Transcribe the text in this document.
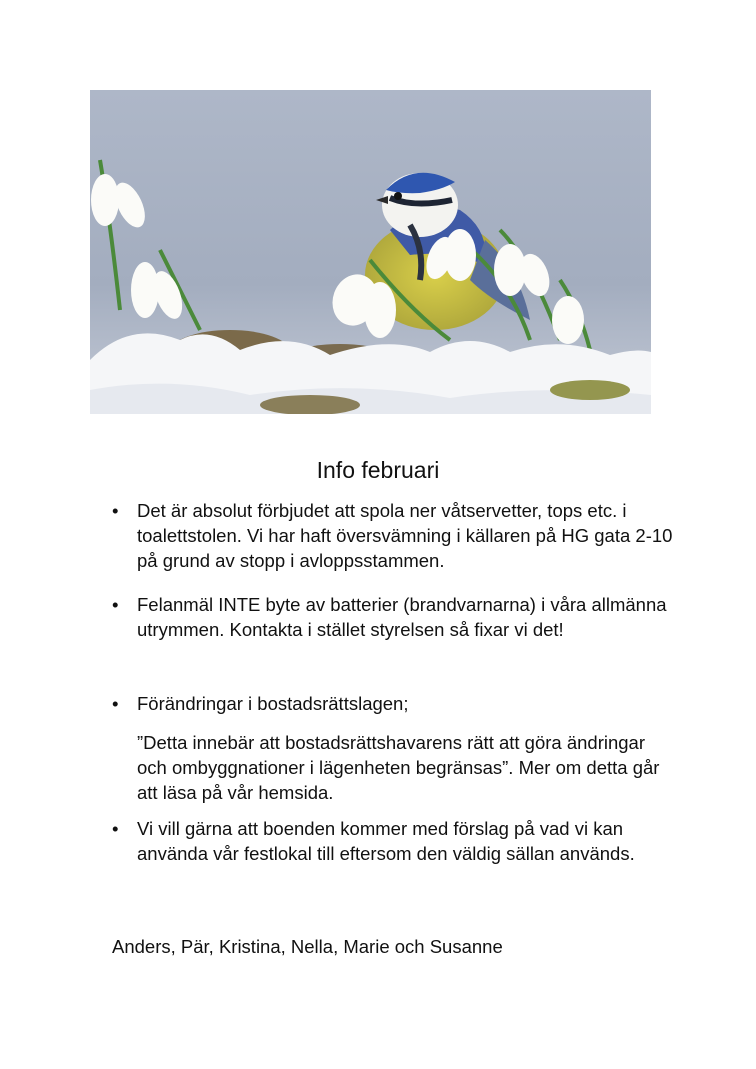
Info februari
•	Det är absolut förbjudet att spola ner våtservetter, tops etc. i toalettstolen. Vi har haft översvämning i källaren på HG gata 2-10 på grund av stopp i avloppsstammen.
•	Felanmäl INTE byte av batterier (brandvarnarna) i våra allmänna utrymmen. Kontakta i stället styrelsen så fixar vi det!
•	Förändringar i bostadsrättslagen;
”Detta innebär att bostadsrättshavarens rätt att göra ändringar och ombyggnationer i lägenheten begränsas”. Mer om detta går att läsa på vår hemsida.
•	Vi vill gärna att boenden kommer med förslag på vad vi kan använda vår festlokal till eftersom den väldig sällan används.
Anders, Pär, Kristina, Nella, Marie och Susanne
